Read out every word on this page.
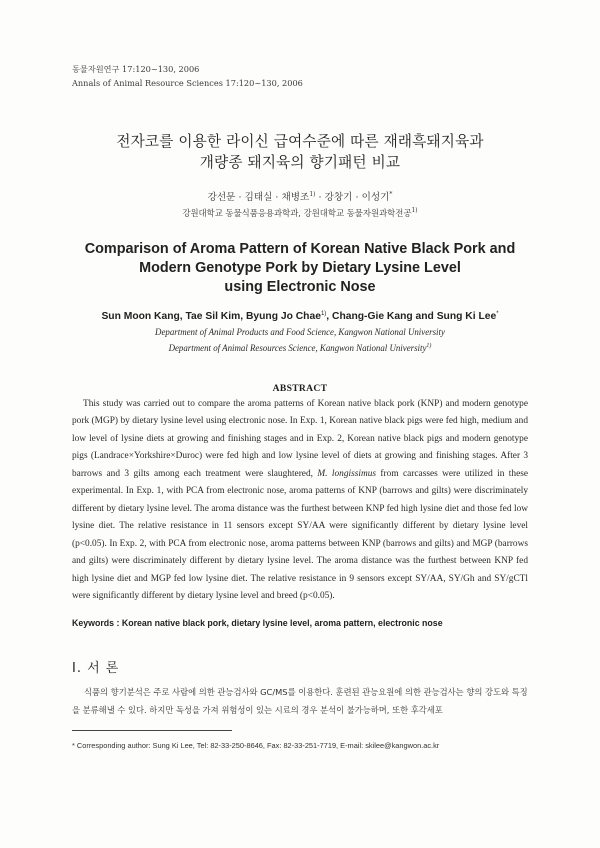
동물자원연구 17:120~130, 2006
Annals of Animal Resource Sciences 17:120~130, 2006
전자코를 이용한 라이신 급여수준에 따른 재래흑돼지육과
개량종 돼지육의 향기패턴 비교
강선문 · 김태실 · 채병조$^{1)}$ · 강창기 · 이성기*
강원대학교 동물식품응용과학과, 강원대학교 동물자원과학전공$^{1)}$
Comparison of Aroma Pattern of Korean Native Black Pork and
Modern Genotype Pork by Dietary Lysine Level
using Electronic Nose
Sun Moon Kang, Tae Sil Kim, Byung Jo Chae$^{1)}$, Chang-Gie Kang and Sung Ki Lee*
Department of Animal Products and Food Science, Kangwon National University
Department of Animal Resources Science, Kangwon National University$^{1)}$
ABSTRACT

This study was carried out to compare the aroma patterns of Korean native black pork (KNP) and modern genotype pork (MGP) by dietary lysine level using electronic nose. In Exp. 1, Korean native black pigs were fed high, medium and low level of lysine diets at growing and finishing stages and in Exp. 2, Korean native black pigs and modern genotype pigs (Landrace×Yorkshire×Duroc) were fed high and low lysine level of diets at growing and finishing stages. After 3 barrows and 3 gilts among each treatment were slaughtered, M. longissimus from carcasses were utilized in these experimental. In Exp. 1, with PCA from electronic nose, aroma patterns of KNP (barrows and gilts) were discriminately different by dietary lysine level. The aroma distance was the furthest between KNP fed high lysine diet and those fed low lysine diet. The relative resistance in 11 sensors except SY/AA were significantly different by dietary lysine level (p<0.05). In Exp. 2, with PCA from electronic nose, aroma patterns between KNP (barrows and gilts) and MGP (barrows and gilts) were discriminately different by dietary lysine level. The aroma distance was the furthest between KNP fed high lysine diet and MGP fed low lysine diet. The relative resistance in 9 sensors except SY/AA, SY/Gh and SY/gCTl were significantly different by dietary lysine level and breed (p<0.05).

Keywords : Korean native black pork, dietary lysine level, aroma pattern, electronic nose
Ⅰ. 서 론

식품의 향기분석은 주로 사람에 의한 관능검사와 GC/MS를 이용한다. 훈련된 관능요원에 의한 관능검사는 향의 강도와 특징을 분류해낼 수 있다. 하지만 독성을 가져 위험성이 있는 시료의 경우 분석이 불가능하며, 또한 후각세포

* Corresponding author: Sung Ki Lee, Tel: 82-33-250-8646, Fax: 82-33-251-7719, E-mail: skilee@kangwon.ac.kr
